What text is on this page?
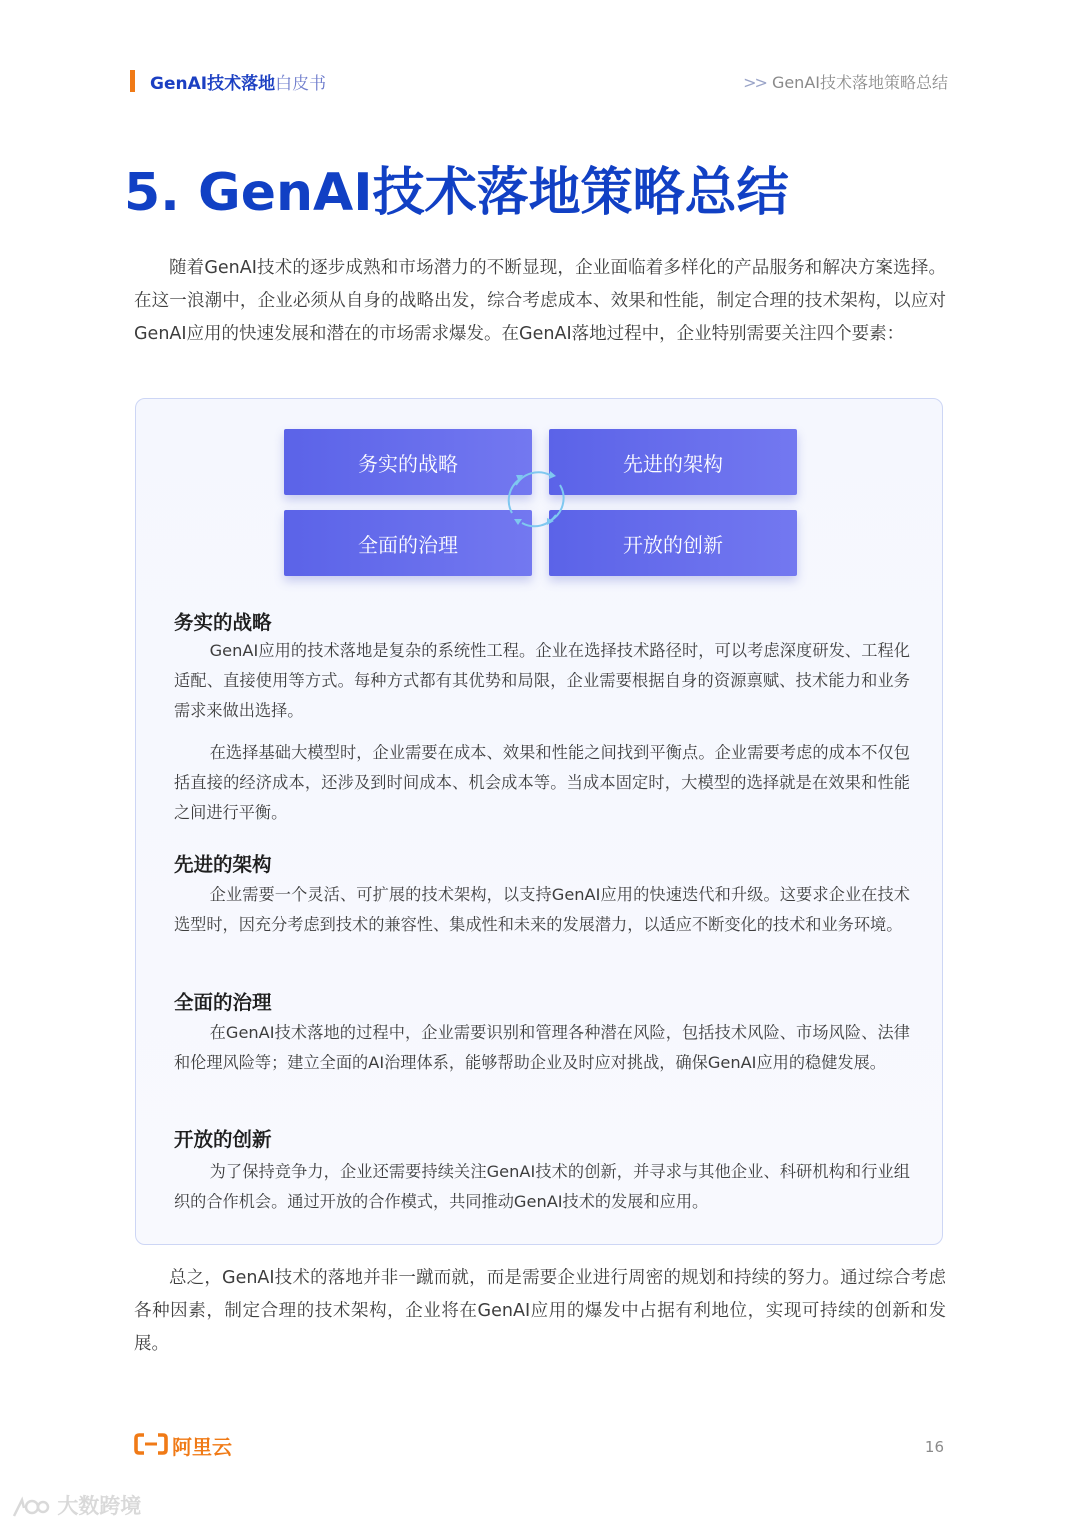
GenAI技术落地白皮书	>> GenAI技术落地策略总结
5. GenAI技术落地策略总结

随着GenAI技术的逐步成熟和市场潜力的不断显现，企业面临着多样化的产品服务和解决方案选择。在这一浪潮中，企业必须从自身的战略出发，综合考虑成本、效果和性能，制定合理的技术架构，以应对GenAI应用的快速发展和潜在的市场需求爆发。在GenAI落地过程中，企业特别需要关注四个要素：

务实的战略	先进的架构
全面的治理	开放的创新
务实的战略

GenAI应用的技术落地是复杂的系统性工程。企业在选择技术路径时，可以考虑深度研发、工程化适配、直接使用等方式。每种方式都有其优势和局限，企业需要根据自身的资源禀赋、技术能力和业务需求来做出选择。

在选择基础大模型时，企业需要在成本、效果和性能之间找到平衡点。企业需要考虑的成本不仅包括直接的经济成本，还涉及到时间成本、机会成本等。当成本固定时，大模型的选择就是在效果和性能之间进行平衡。

先进的架构

企业需要一个灵活、可扩展的技术架构，以支持GenAI应用的快速迭代和升级。这要求企业在技术选型时，因充分考虑到技术的兼容性、集成性和未来的发展潜力，以适应不断变化的技术和业务环境。

全面的治理

在GenAI技术落地的过程中，企业需要识别和管理各种潜在风险，包括技术风险、市场风险、法律和伦理风险等；建立全面的AI治理体系，能够帮助企业及时应对挑战，确保GenAI应用的稳健发展。

开放的创新

为了保持竞争力，企业还需要持续关注GenAI技术的创新，并寻求与其他企业、科研机构和行业组织的合作机会。通过开放的合作模式，共同推动GenAI技术的发展和应用。

总之，GenAI技术的落地并非一蹴而就，而是需要企业进行周密的规划和持续的努力。通过综合考虑各种因素，制定合理的技术架构，企业将在GenAI应用的爆发中占据有利地位，实现可持续的创新和发展。

阿里云	16
大数跨境
